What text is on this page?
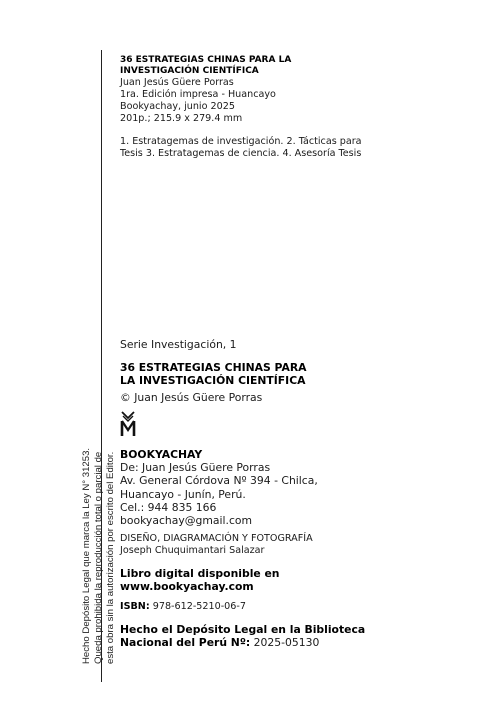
Hecho Depósito Legal que marca la Ley N° 31253. Queda prohibida la reproducción total o parcial de esta obra sin la autorización por escrito del Editor.
36 ESTRATEGIAS CHINAS PARA LA
INVESTIGACIÓN CIENTÍFICA
Juan Jesús Güere Porras
1ra. Edición impresa - Huancayo
Bookyachay, junio 2025
201p.; 215.9 x 279.4 mm
1. Estratagemas de investigación. 2. Tácticas para
Tesis 3. Estratagemas de ciencia. 4. Asesoría Tesis
Serie Investigación, 1
36 ESTRATEGIAS CHINAS PARA
LA INVESTIGACIÓN CIENTÍFICA
© Juan Jesús Güere Porras
BOOKYACHAY
De: Juan Jesús Güere Porras
Av. General Córdova Nº 394 - Chilca,
Huancayo - Junín, Perú.
Cel.: 944 835 166
bookyachay@gmail.com
DISEÑO, DIAGRAMACIÓN Y FOTOGRAFÍA
Joseph Chuquimantari Salazar
Libro digital disponible en
www.bookyachay.com
ISBN: 978-612-5210-06-7
Hecho el Depósito Legal en la Biblioteca
Nacional del Perú Nº: 2025-05130
